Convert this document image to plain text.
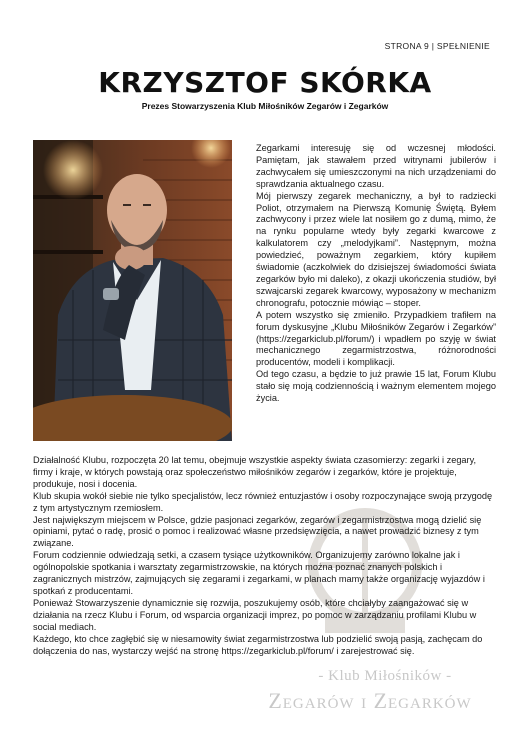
STRONA 9 | SPEŁNIENIE
KRZYSZTOF SKÓRKA
Prezes Stowarzyszenia Klub Miłośników Zegarów i Zegarków

Zegarkami interesuję się od wczesnej młodości. Pamiętam, jak stawałem przed witrynami jubilerów i zachwycałem się umieszczonymi na nich urządzeniami do sprawdzania aktualnego czasu.

Mój pierwszy zegarek mechaniczny, a był to radziecki Poliot, otrzymałem na Pierwszą Komunię Świętą. Byłem zachwycony i przez wiele lat nosiłem go z dumą, mimo, że na rynku popularne wtedy były zegarki kwarcowe z kalkulatorem czy „melodyjkami”. Następnym, można powiedzieć, poważnym zegarkiem, który kupiłem świadomie (aczkolwiek do dzisiejszej świadomości świata zegarków było mi daleko), z okazji ukończenia studiów, był szwajcarski zegarek kwarcowy, wyposażony w mechanizm chronografu, potocznie mówiąc – stoper.

A potem wszystko się zmieniło. Przypadkiem trafiłem na forum dyskusyjne „Klubu Miłośników Zegarów i Zegarków” (https://zegarkiclub.pl/forum/) i wpadłem po szyję w świat mechanicznego zegarmistrzostwa, różnorodności producentów, modeli i komplikacji.

Od tego czasu, a będzie to już prawie 15 lat, Forum Klubu stało się moją codziennością i ważnym elementem mojego życia.

Działalność Klubu, rozpoczęta 20 lat temu, obejmuje wszystkie aspekty świata czasomierzy: zegarki i zegary, firmy i kraje, w których powstają oraz społeczeństwo miłośników zegarów i zegarków, które je projektuje, produkuje, nosi i docenia.

Klub skupia wokół siebie nie tylko specjalistów, lecz również entuzjastów i osoby rozpoczynające swoją przygodę z tym artystycznym rzemiosłem.

Jest największym miejscem w Polsce, gdzie pasjonaci zegarków, zegarów i zegarmistrzostwa mogą dzielić się opiniami, pytać o radę, prosić o pomoc i realizować własne przedsięwzięcia, a nawet prowadzić biznesy z tym związane.

Forum codziennie odwiedzają setki, a czasem tysiące użytkowników. Organizujemy zarówno lokalne jak i ogólnopolskie spotkania i warsztaty zegarmistrzowskie, na których można poznać znanych polskich i zagranicznych mistrzów, zajmujących się zegarami i zegarkami, w planach mamy także organizację wyjazdów i spotkań z producentami.

Ponieważ Stowarzyszenie dynamicznie się rozwija, poszukujemy osób, które chciałyby zaangażować się w działania na rzecz Klubu i Forum, od wsparcia organizacji imprez, po pomoc w zarządzaniu profilami Klubu w social mediach.

Każdego, kto chce zagłębić się w niesamowity świat zegarmistrzostwa lub podzielić swoją pasją, zachęcam do dołączenia do nas, wystarczy wejść na stronę https://zegarkiclub.pl/forum/ i zarejestrować się.

- Klub Miłośników -
Zegarów i Zegarków
